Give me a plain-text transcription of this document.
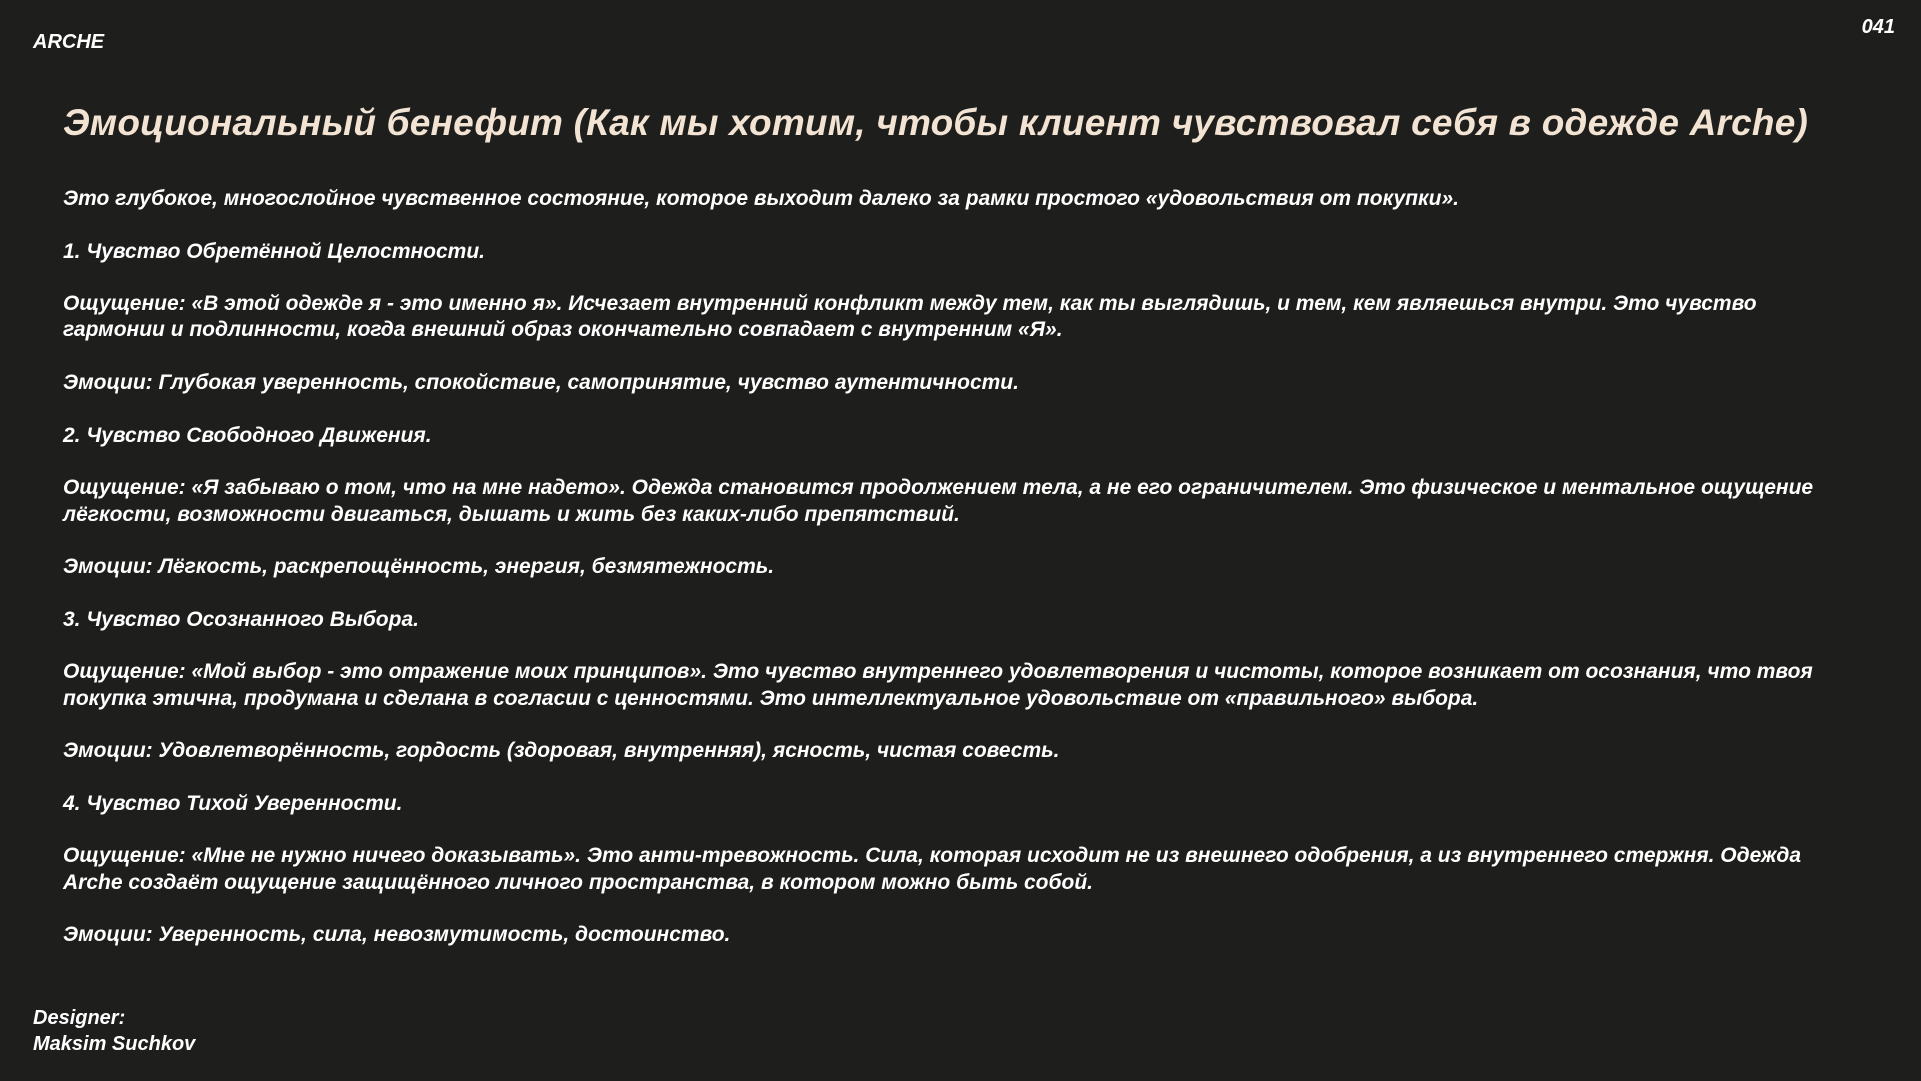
ARCHE
041
Эмоциональный бенефит (Как мы хотим, чтобы клиент чувствовал себя в одежде Arche)

Это глубокое, многослойное чувственное состояние, которое выходит далеко за рамки простого «удовольствия от покупки».

1. Чувство Обретённой Целостности.

Ощущение: «В этой одежде я - это именно я». Исчезает внутренний конфликт между тем, как ты выглядишь, и тем, кем являешься внутри. Это чувство гармонии и подлинности, когда внешний образ окончательно совпадает с внутренним «Я».

Эмоции: Глубокая уверенность, спокойствие, самопринятие, чувство аутентичности.

2. Чувство Свободного Движения.

Ощущение: «Я забываю о том, что на мне надето». Одежда становится продолжением тела, а не его ограничителем. Это физическое и ментальное ощущение лёгкости, возможности двигаться, дышать и жить без каких-либо препятствий.

Эмоции: Лёгкость, раскрепощённость, энергия, безмятежность.

3. Чувство Осознанного Выбора.

Ощущение: «Мой выбор - это отражение моих принципов». Это чувство внутреннего удовлетворения и чистоты, которое возникает от осознания, что твоя покупка этична, продумана и сделана в согласии с ценностями. Это интеллектуальное удовольствие от «правильного» выбора.

Эмоции: Удовлетворённость, гордость (здоровая, внутренняя), ясность, чистая совесть.

4. Чувство Тихой Уверенности.

Ощущение: «Мне не нужно ничего доказывать». Это анти-тревожность. Сила, которая исходит не из внешнего одобрения, а из внутреннего стержня. Одежда Arche создаёт ощущение защищённого личного пространства, в котором можно быть собой.

Эмоции: Уверенность, сила, невозмутимость, достоинство.

Designer:
Maksim Suchkov
